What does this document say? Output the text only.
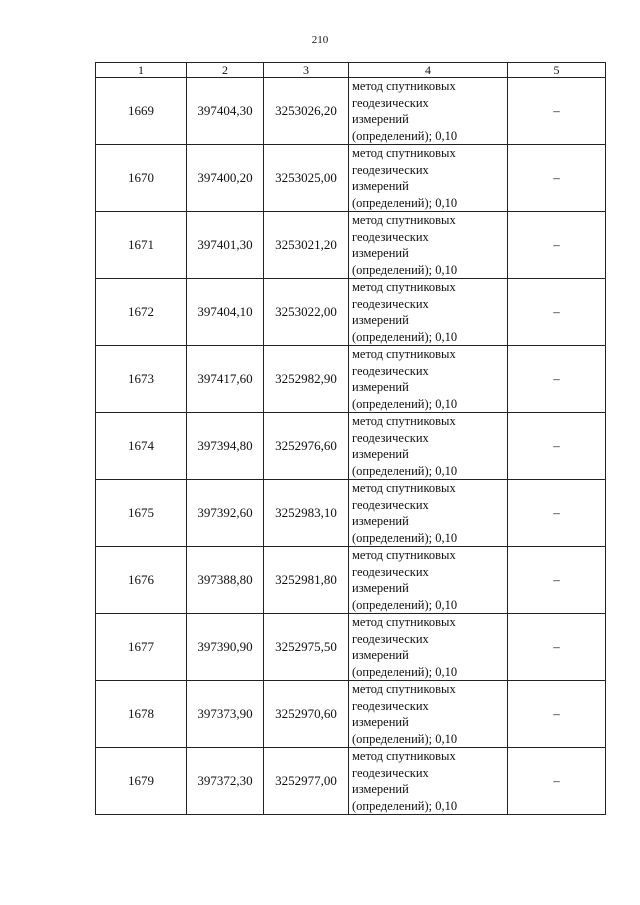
210
1	2	3	4	5
1669	397404,30	3253026,20	метод спутниковых
геодезических
измерений
(определений); 0,10	–
1670	397400,20	3253025,00	метод спутниковых
геодезических
измерений
(определений); 0,10	–
1671	397401,30	3253021,20	метод спутниковых
геодезических
измерений
(определений); 0,10	–
1672	397404,10	3253022,00	метод спутниковых
геодезических
измерений
(определений); 0,10	–
1673	397417,60	3252982,90	метод спутниковых
геодезических
измерений
(определений); 0,10	–
1674	397394,80	3252976,60	метод спутниковых
геодезических
измерений
(определений); 0,10	–
1675	397392,60	3252983,10	метод спутниковых
геодезических
измерений
(определений); 0,10	–
1676	397388,80	3252981,80	метод спутниковых
геодезических
измерений
(определений); 0,10	–
1677	397390,90	3252975,50	метод спутниковых
геодезических
измерений
(определений); 0,10	–
1678	397373,90	3252970,60	метод спутниковых
геодезических
измерений
(определений); 0,10	–
1679	397372,30	3252977,00	метод спутниковых
геодезических
измерений
(определений); 0,10	–
